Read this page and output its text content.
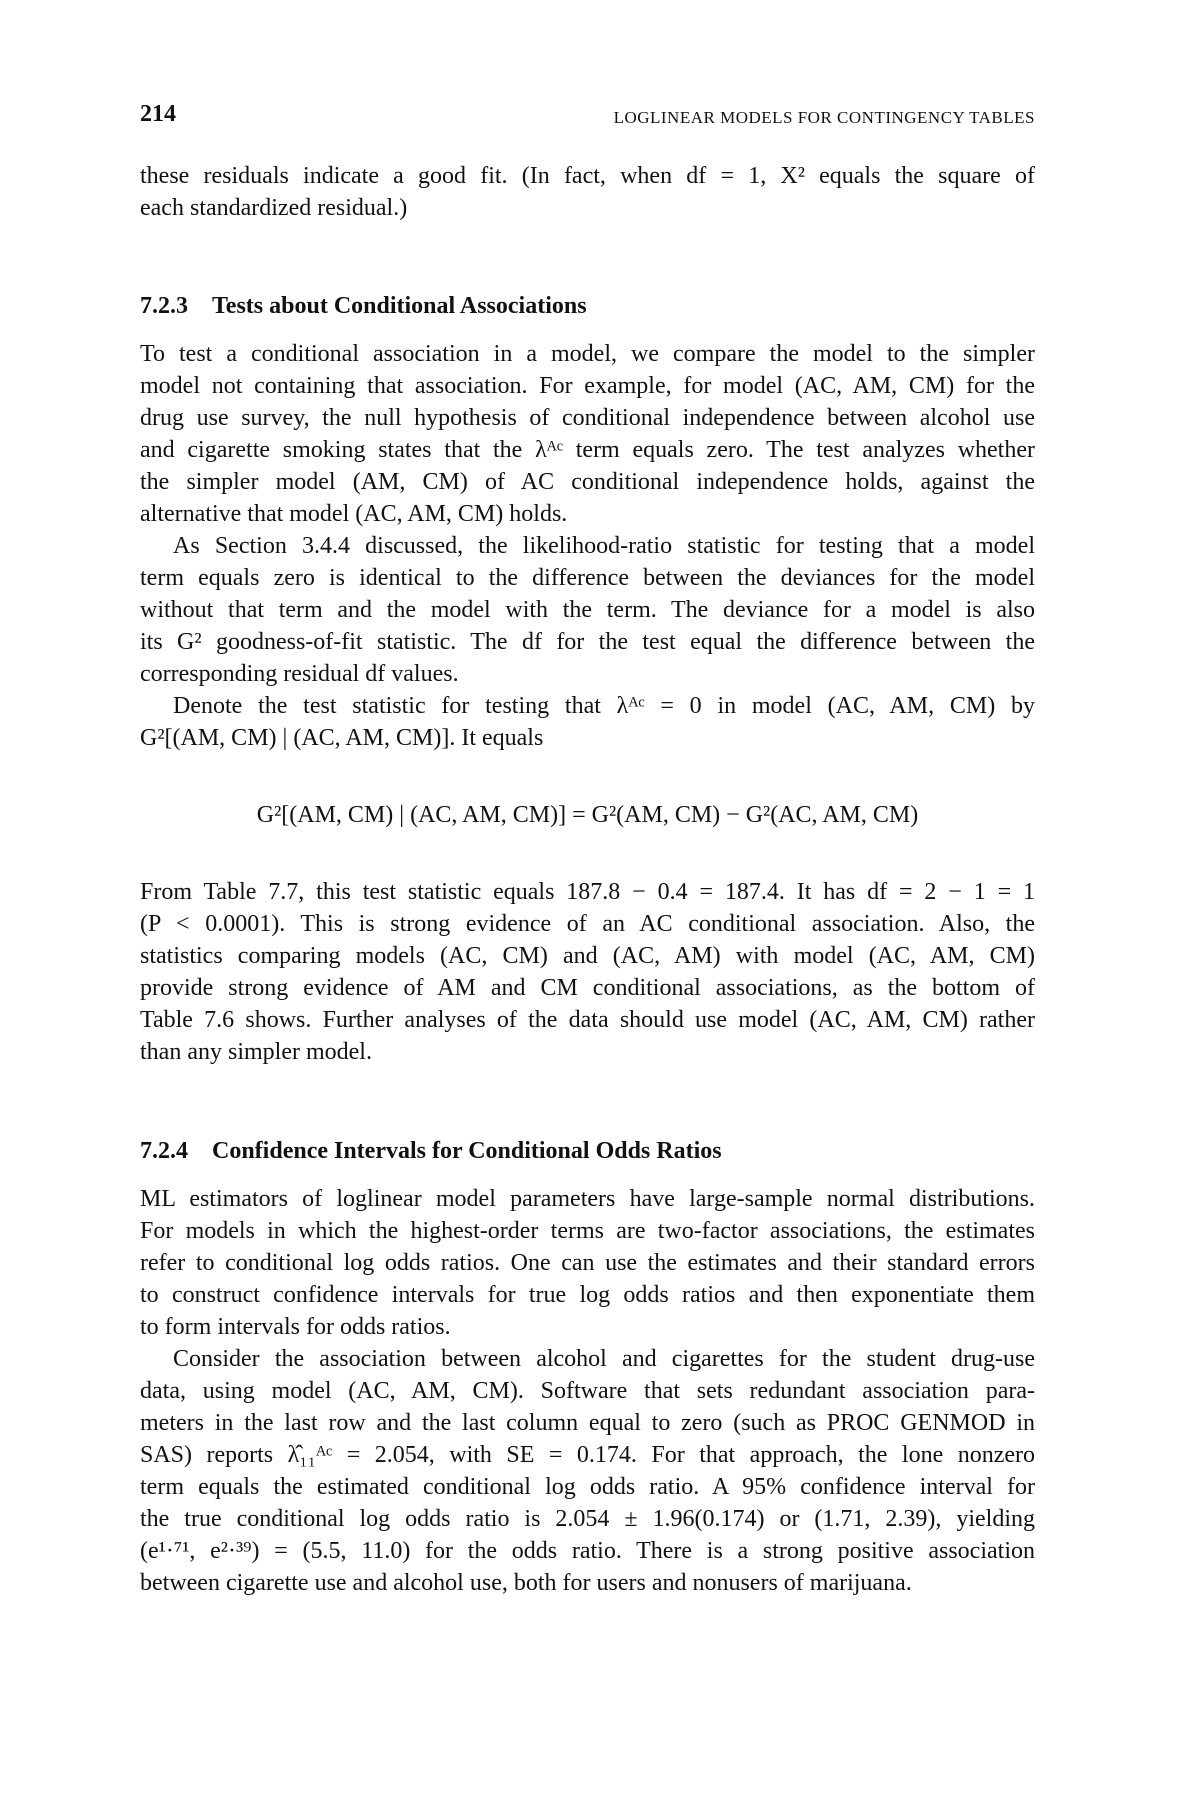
214	LOGLINEAR MODELS FOR CONTINGENCY TABLES
these residuals indicate a good fit. (In fact, when df = 1, X² equals the square of
each standardized residual.)
7.2.3 Tests about Conditional Associations
To test a conditional association in a model, we compare the model to the simpler
model not containing that association. For example, for model (AC, AM, CM) for the
drug use survey, the null hypothesis of conditional independence between alcohol use
and cigarette smoking states that the λᴬᶜ term equals zero. The test analyzes whether
the simpler model (AM, CM) of AC conditional independence holds, against the
alternative that model (AC, AM, CM) holds.
As Section 3.4.4 discussed, the likelihood-ratio statistic for testing that a model
term equals zero is identical to the difference between the deviances for the model
without that term and the model with the term. The deviance for a model is also
its G² goodness-of-fit statistic. The df for the test equal the difference between the
corresponding residual df values.
Denote the test statistic for testing that λᴬᶜ = 0 in model (AC, AM, CM) by
G²[(AM, CM) | (AC, AM, CM)]. It equals
G²[(AM, CM) | (AC, AM, CM)] = G²(AM, CM) − G²(AC, AM, CM)
From Table 7.7, this test statistic equals 187.8 − 0.4 = 187.4. It has df = 2 − 1 = 1
(P < 0.0001). This is strong evidence of an AC conditional association. Also, the
statistics comparing models (AC, CM) and (AC, AM) with model (AC, AM, CM)
provide strong evidence of AM and CM conditional associations, as the bottom of
Table 7.6 shows. Further analyses of the data should use model (AC, AM, CM) rather
than any simpler model.
7.2.4 Confidence Intervals for Conditional Odds Ratios
ML estimators of loglinear model parameters have large-sample normal distributions.
For models in which the highest-order terms are two-factor associations, the estimates
refer to conditional log odds ratios. One can use the estimates and their standard errors
to construct confidence intervals for true log odds ratios and then exponentiate them
to form intervals for odds ratios.
Consider the association between alcohol and cigarettes for the student drug-use
data, using model (AC, AM, CM). Software that sets redundant association para-
meters in the last row and the last column equal to zero (such as PROC GENMOD in
SAS) reports λ̂₁₁ᴬᶜ = 2.054, with SE = 0.174. For that approach, the lone nonzero
term equals the estimated conditional log odds ratio. A 95% confidence interval for
the true conditional log odds ratio is 2.054 ± 1.96(0.174) or (1.71, 2.39), yielding
(e¹·⁷¹, e²·³⁹) = (5.5, 11.0) for the odds ratio. There is a strong positive association
between cigarette use and alcohol use, both for users and nonusers of marijuana.
